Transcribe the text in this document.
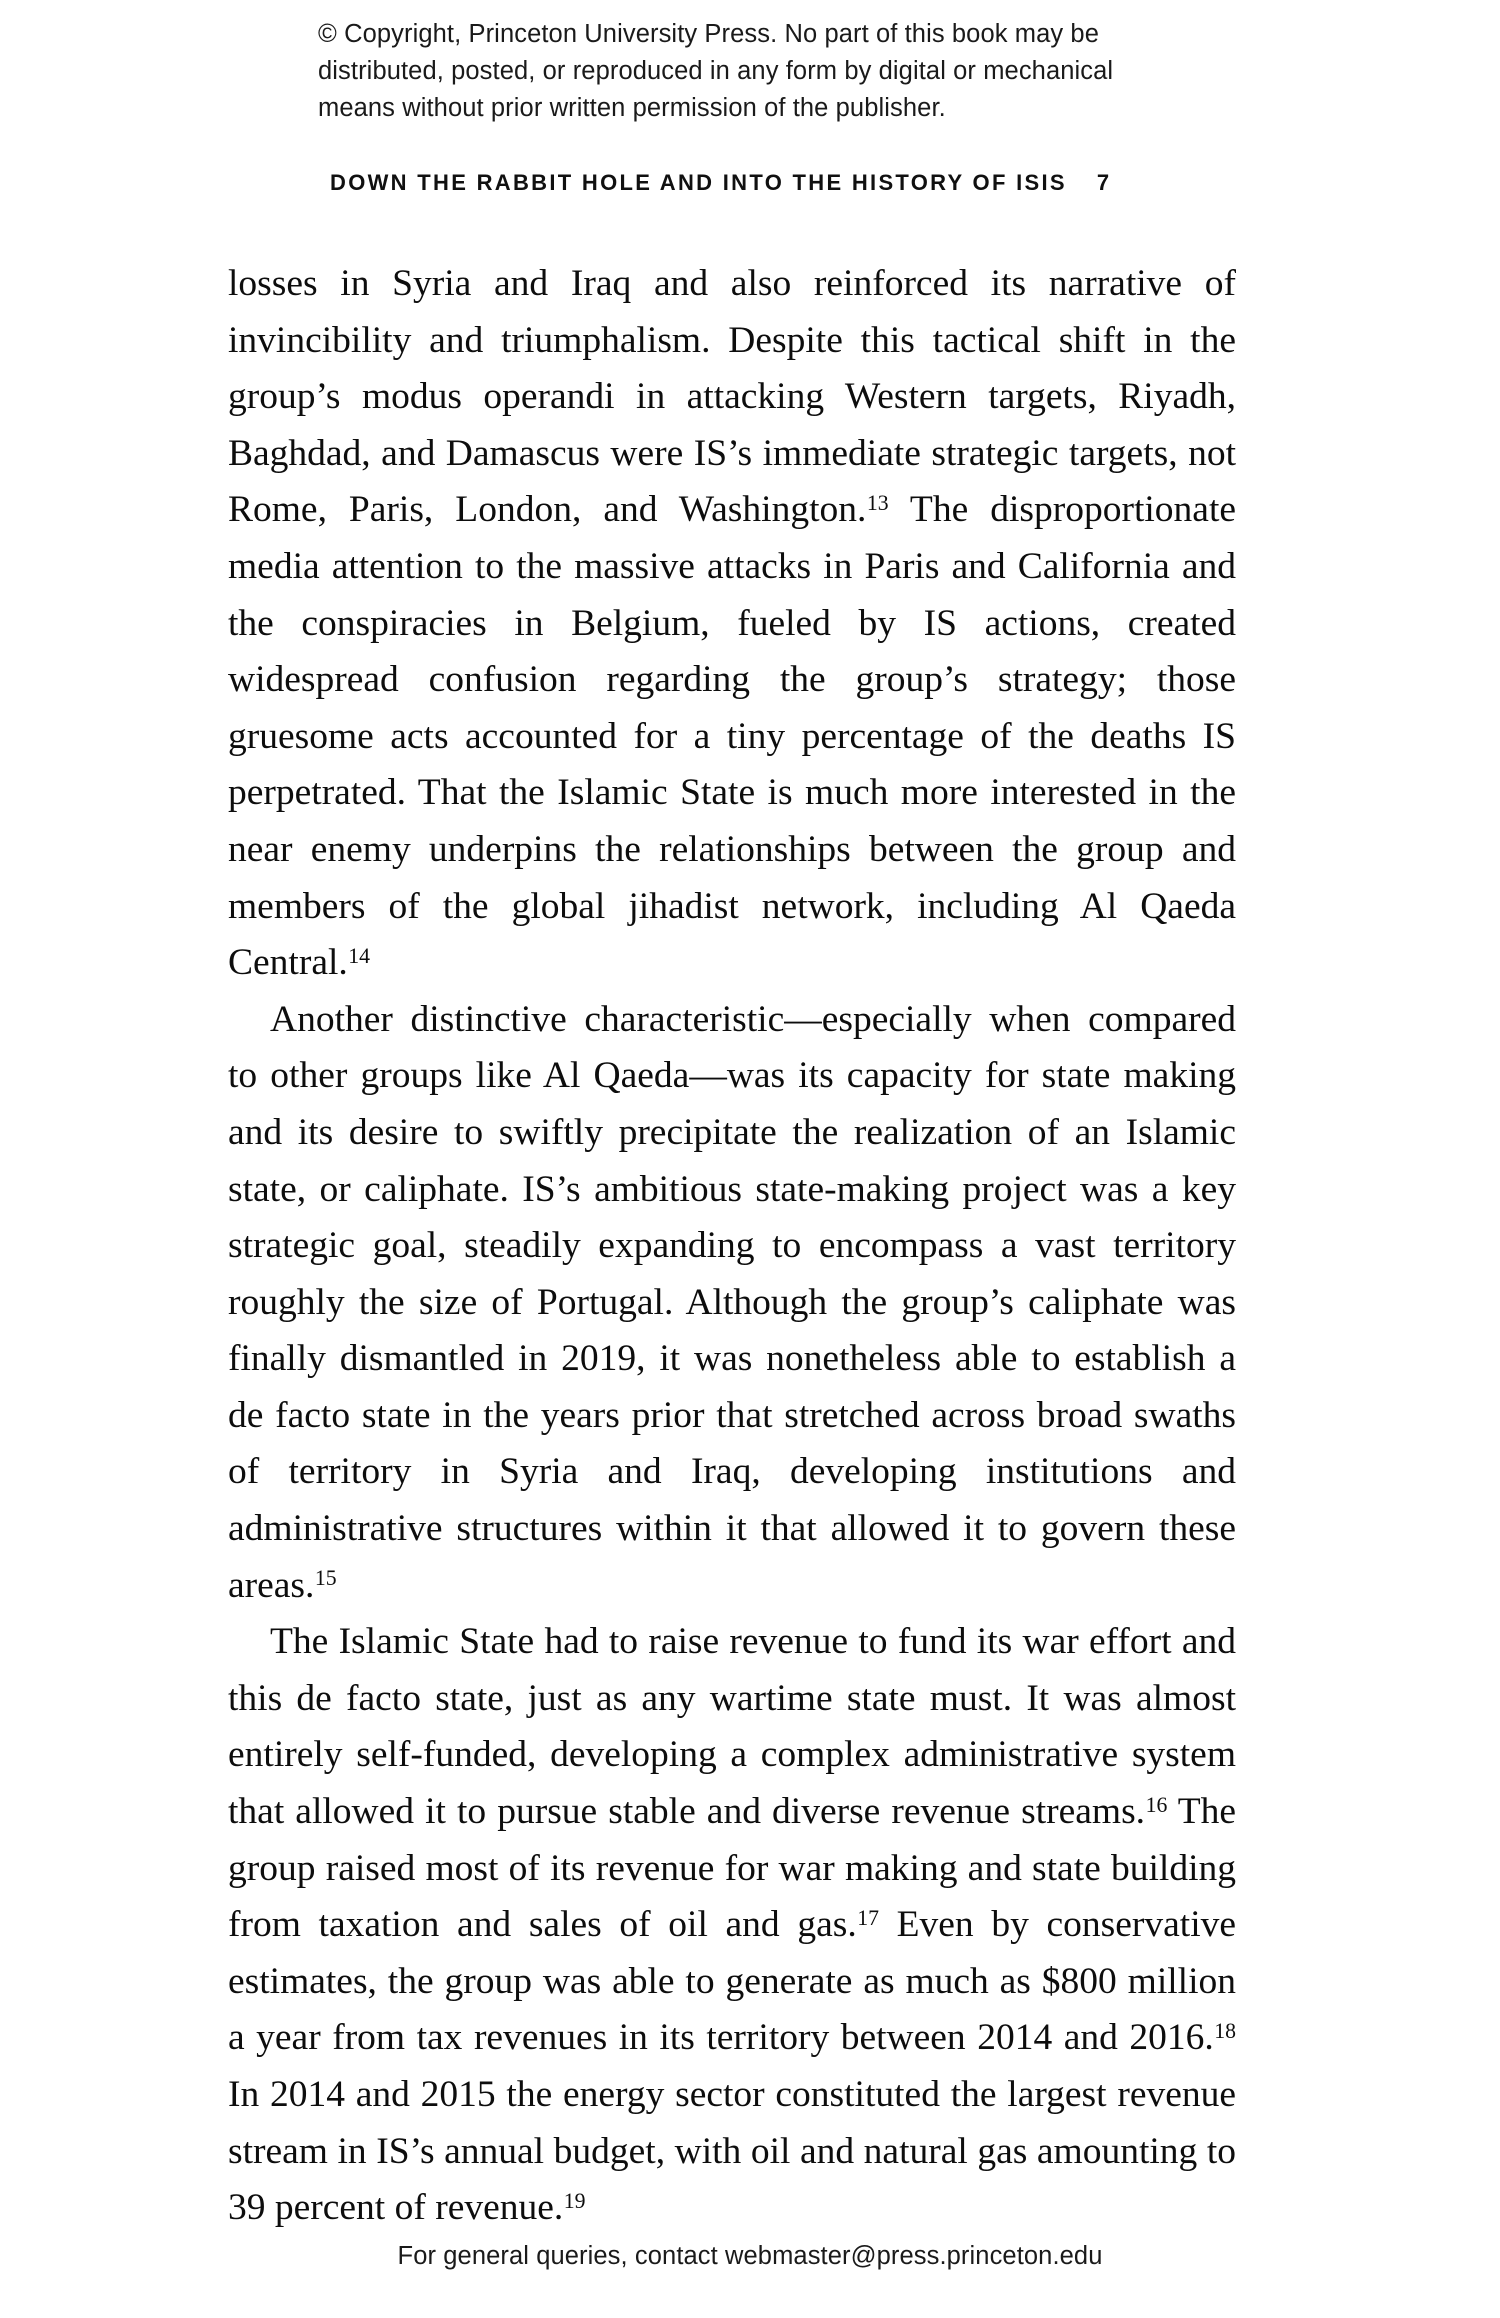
© Copyright, Princeton University Press. No part of this book may be
distributed, posted, or reproduced in any form by digital or mechanical
means without prior written permission of the publisher.
DOWN THE RABBIT HOLE AND INTO THE HISTORY OF ISIS 7

losses in Syria and Iraq and also reinforced its narrative of invincibility and triumphalism. Despite this tactical shift in the group’s modus operandi in attacking Western targets, Riyadh, Baghdad, and Damascus were IS’s immediate strategic targets, not Rome, Paris, London, and Washington.$^{13}$ The disproportionate media attention to the massive attacks in Paris and California and the conspiracies in Belgium, fueled by IS actions, created widespread confusion regarding the group’s strategy; those gruesome acts accounted for a tiny percentage of the deaths IS perpetrated. That the Islamic State is much more interested in the near enemy underpins the relationships between the group and members of the global jihadist network, including Al Qaeda Central.$^{14}$

Another distinctive characteristic—especially when compared to other groups like Al Qaeda—was its capacity for state making and its desire to swiftly precipitate the realization of an Islamic state, or caliphate. IS’s ambitious state-making project was a key strategic goal, steadily expanding to encompass a vast territory roughly the size of Portugal. Although the group’s caliphate was finally dismantled in 2019, it was nonetheless able to establish a de facto state in the years prior that stretched across broad swaths of territory in Syria and Iraq, developing institutions and administrative structures within it that allowed it to govern these areas.$^{15}$

The Islamic State had to raise revenue to fund its war effort and this de facto state, just as any wartime state must. It was almost entirely self-funded, developing a complex administrative system that allowed it to pursue stable and diverse revenue streams.$^{16}$ The group raised most of its revenue for war making and state building from taxation and sales of oil and gas.$^{17}$ Even by conservative estimates, the group was able to generate as much as $800 million a year from tax revenues in its territory between 2014 and 2016.18 In 2014 and 2015 the energy sector constituted the largest revenue stream in IS’s annual budget, with oil and natural gas amounting to 39 percent of revenue.$^{19}$

For general queries, contact webmaster@press.princeton.edu
